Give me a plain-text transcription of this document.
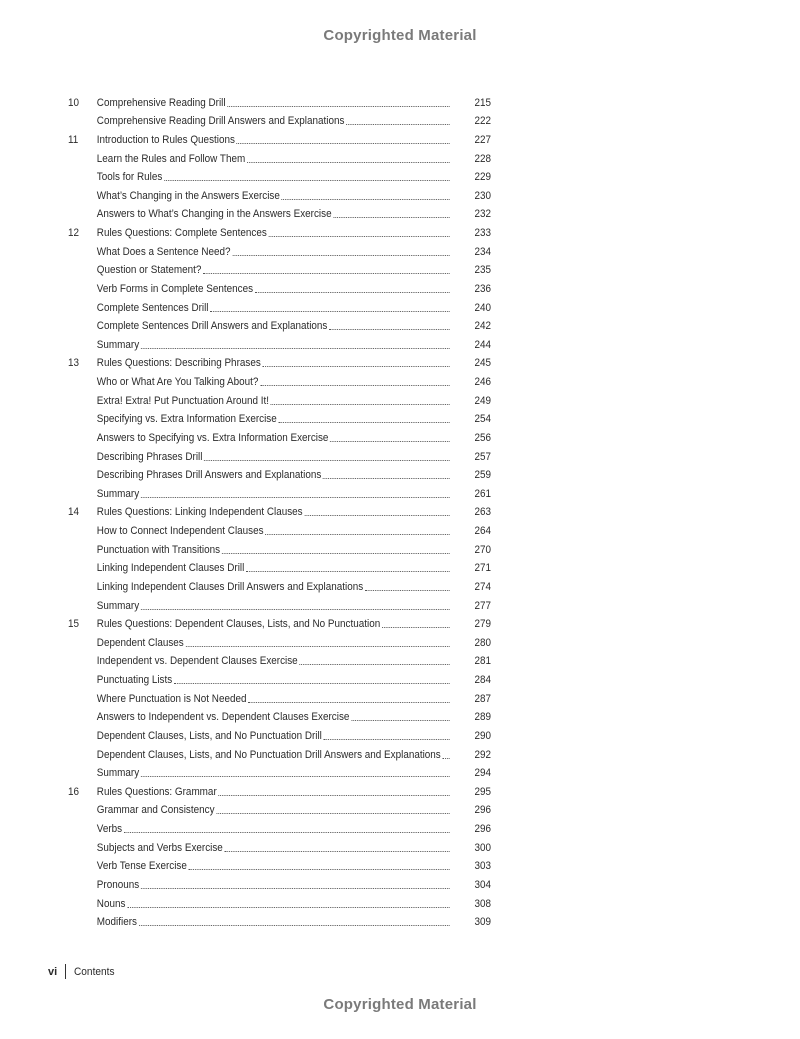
Copyrighted Material
10	Comprehensive Reading Drill	215
Comprehensive Reading Drill Answers and Explanations	222
11	Introduction to Rules Questions	227
Learn the Rules and Follow Them	228
Tools for Rules	229
What’s Changing in the Answers Exercise	230
Answers to What’s Changing in the Answers Exercise	232
12	Rules Questions: Complete Sentences	233
What Does a Sentence Need?	234
Question or Statement?	235
Verb Forms in Complete Sentences	236
Complete Sentences Drill	240
Complete Sentences Drill Answers and Explanations	242
Summary	244
13	Rules Questions: Describing Phrases	245
Who or What Are You Talking About?	246
Extra! Extra! Put Punctuation Around It!	249
Specifying vs. Extra Information Exercise	254
Answers to Specifying vs. Extra Information Exercise	256
Describing Phrases Drill	257
Describing Phrases Drill Answers and Explanations	259
Summary	261
14	Rules Questions: Linking Independent Clauses	263
How to Connect Independent Clauses	264
Punctuation with Transitions	270
Linking Independent Clauses Drill	271
Linking Independent Clauses Drill Answers and Explanations	274
Summary	277
15	Rules Questions: Dependent Clauses, Lists, and No Punctuation	279
Dependent Clauses	280
Independent vs. Dependent Clauses Exercise	281
Punctuating Lists	284
Where Punctuation is Not Needed	287
Answers to Independent vs. Dependent Clauses Exercise	289
Dependent Clauses, Lists, and No Punctuation Drill	290
Dependent Clauses, Lists, and No Punctuation Drill Answers and Explanations	292
Summary	294
16	Rules Questions: Grammar	295
Grammar and Consistency	296
Verbs	296
Subjects and Verbs Exercise	300
Verb Tense Exercise	303
Pronouns	304
Nouns	308
Modifiers	309
vi	Contents
Copyrighted Material
